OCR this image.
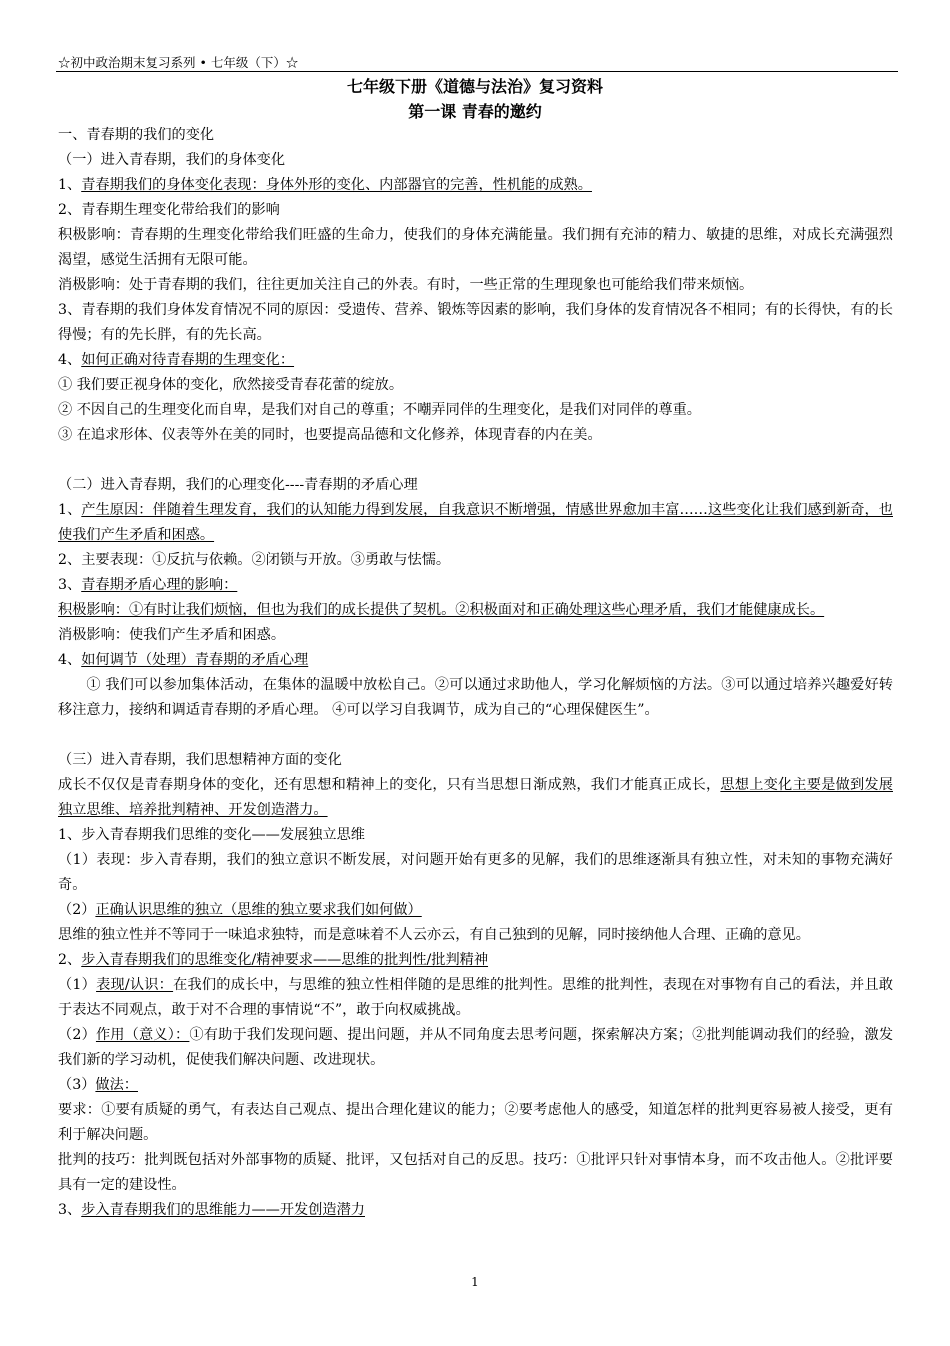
☆初中政治期末复习系列 • 七年级（下）☆
七年级下册《道德与法治》复习资料
第一课 青春的邀约

一、青春期的我们的变化

（一）进入青春期，我们的身体变化

1、青春期我们的身体变化表现：身体外形的变化、内部器官的完善，性机能的成熟。

2、青春期生理变化带给我们的影响

积极影响：青春期的生理变化带给我们旺盛的生命力，使我们的身体充满能量。我们拥有充沛的精力、敏捷的思维，对成长充满强烈渴望，感觉生活拥有无限可能。

消极影响：处于青春期的我们，往往更加关注自己的外表。有时，一些正常的生理现象也可能给我们带来烦恼。

3、青春期的我们身体发育情况不同的原因：受遗传、营养、锻炼等因素的影响，我们身体的发育情况各不相同；有的长得快，有的长得慢；有的先长胖，有的先长高。

4、如何正确对待青春期的生理变化：

① 我们要正视身体的变化，欣然接受青春花蕾的绽放。

② 不因自己的生理变化而自卑，是我们对自己的尊重；不嘲弄同伴的生理变化，是我们对同伴的尊重。

③ 在追求形体、仪表等外在美的同时，也要提高品德和文化修养，体现青春的内在美。

（二）进入青春期，我们的心理变化----青春期的矛盾心理

1、产生原因：伴随着生理发育，我们的认知能力得到发展，自我意识不断增强，情感世界愈加丰富……这些变化让我们感到新奇，也使我们产生矛盾和困惑。

2、主要表现：①反抗与依赖。②闭锁与开放。③勇敢与怯懦。

3、青春期矛盾心理的影响：

积极影响：①有时让我们烦恼，但也为我们的成长提供了契机。②积极面对和正确处理这些心理矛盾，我们才能健康成长。

消极影响：使我们产生矛盾和困惑。

4、如何调节（处理）青春期的矛盾心理

① 我们可以参加集体活动，在集体的温暖中放松自己。②可以通过求助他人，学习化解烦恼的方法。③可以通过培养兴趣爱好转移注意力，接纳和调适青春期的矛盾心理。 ④可以学习自我调节，成为自己的“心理保健医生”。

（三）进入青春期，我们思想精神方面的变化

成长不仅仅是青春期身体的变化，还有思想和精神上的变化，只有当思想日渐成熟，我们才能真正成长，思想上变化主要是做到发展独立思维、培养批判精神、开发创造潜力。

1、步入青春期我们思维的变化——发展独立思维

（1）表现：步入青春期，我们的独立意识不断发展，对问题开始有更多的见解，我们的思维逐渐具有独立性，对未知的事物充满好奇。

（2）正确认识思维的独立（思维的独立要求我们如何做）

思维的独立性并不等同于一味追求独特，而是意味着不人云亦云，有自己独到的见解，同时接纳他人合理、正确的意见。

2、步入青春期我们的思维变化/精神要求——思维的批判性/批判精神

（1）表现/认识：在我们的成长中，与思维的独立性相伴随的是思维的批判性。思维的批判性，表现在对事物有自己的看法，并且敢于表达不同观点，敢于对不合理的事情说“不”，敢于向权威挑战。

（2）作用（意义）：①有助于我们发现问题、提出问题，并从不同角度去思考问题，探索解决方案；②批判能调动我们的经验，激发我们新的学习动机，促使我们解决问题、改进现状。

（3）做法：

要求：①要有质疑的勇气，有表达自己观点、提出合理化建议的能力；②要考虑他人的感受，知道怎样的批判更容易被人接受，更有利于解决问题。

批判的技巧：批判既包括对外部事物的质疑、批评，又包括对自己的反思。技巧：①批评只针对事情本身，而不攻击他人。②批评要具有一定的建设性。

3、步入青春期我们的思维能力——开发创造潜力

1
